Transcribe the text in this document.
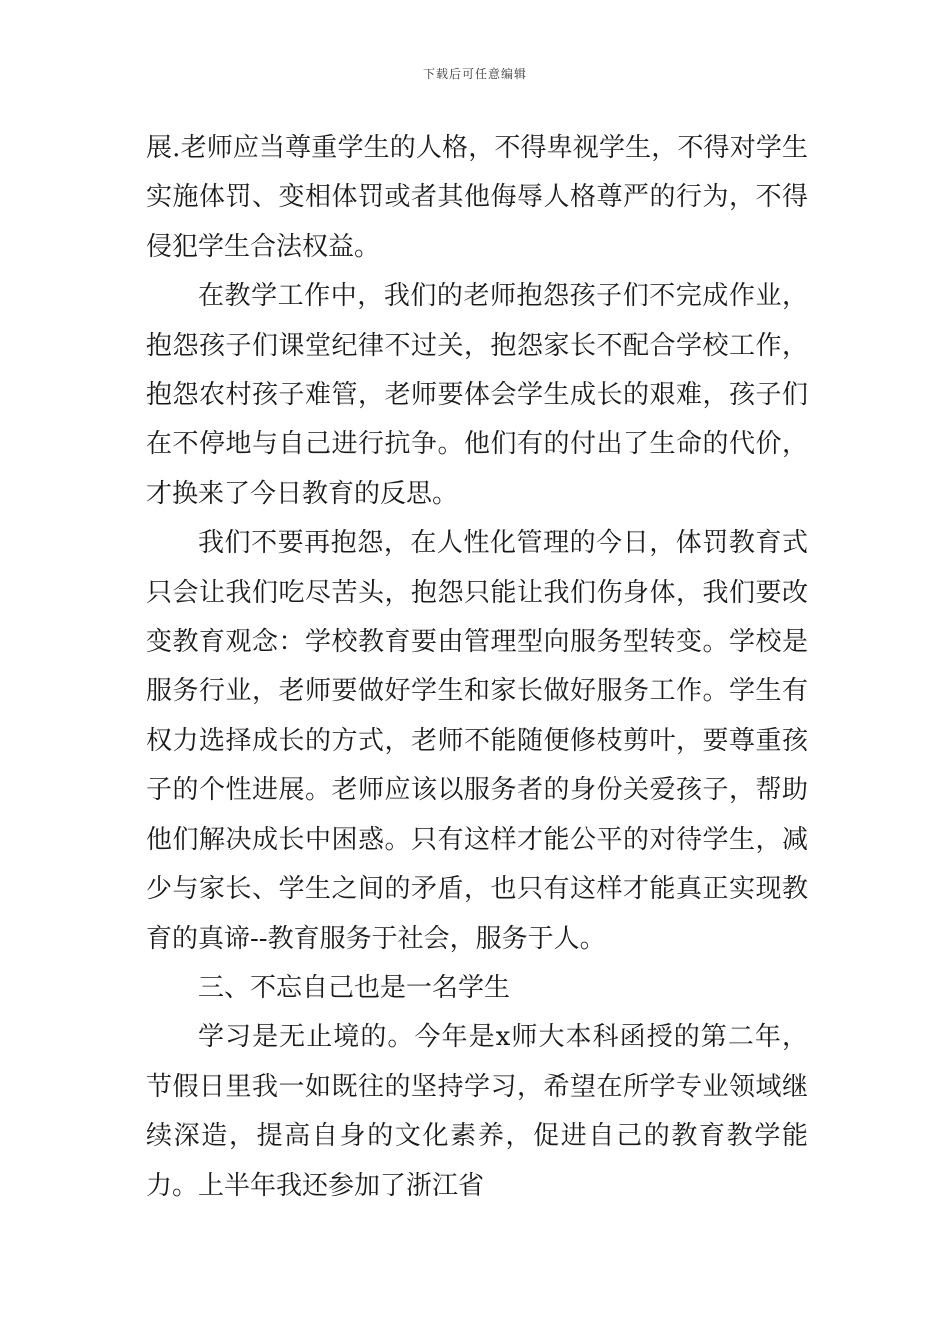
下载后可任意编辑

展.老师应当尊重学生的人格，不得卑视学生，不得对学生实施体罚、变相体罚或者其他侮辱人格尊严的行为，不得侵犯学生合法权益。

在教学工作中，我们的老师抱怨孩子们不完成作业，抱怨孩子们课堂纪律不过关，抱怨家长不配合学校工作，抱怨农村孩子难管，老师要体会学生成长的艰难，孩子们在不停地与自己进行抗争。他们有的付出了生命的代价，才换来了今日教育的反思。

我们不要再抱怨，在人性化管理的今日，体罚教育式只会让我们吃尽苦头，抱怨只能让我们伤身体，我们要改变教育观念：学校教育要由管理型向服务型转变。学校是服务行业，老师要做好学生和家长做好服务工作。学生有权力选择成长的方式，老师不能随便修枝剪叶，要尊重孩子的个性进展。老师应该以服务者的身份关爱孩子，帮助他们解决成长中困惑。只有这样才能公平的对待学生，减少与家长、学生之间的矛盾，也只有这样才能真正实现教育的真谛--教育服务于社会，服务于人。

三、不忘自己也是一名学生

学习是无止境的。今年是x师大本科函授的第二年，节假日里我一如既往的坚持学习，希望在所学专业领域继续深造，提高自身的文化素养，促进自己的教育教学能力。上半年我还参加了浙江省
